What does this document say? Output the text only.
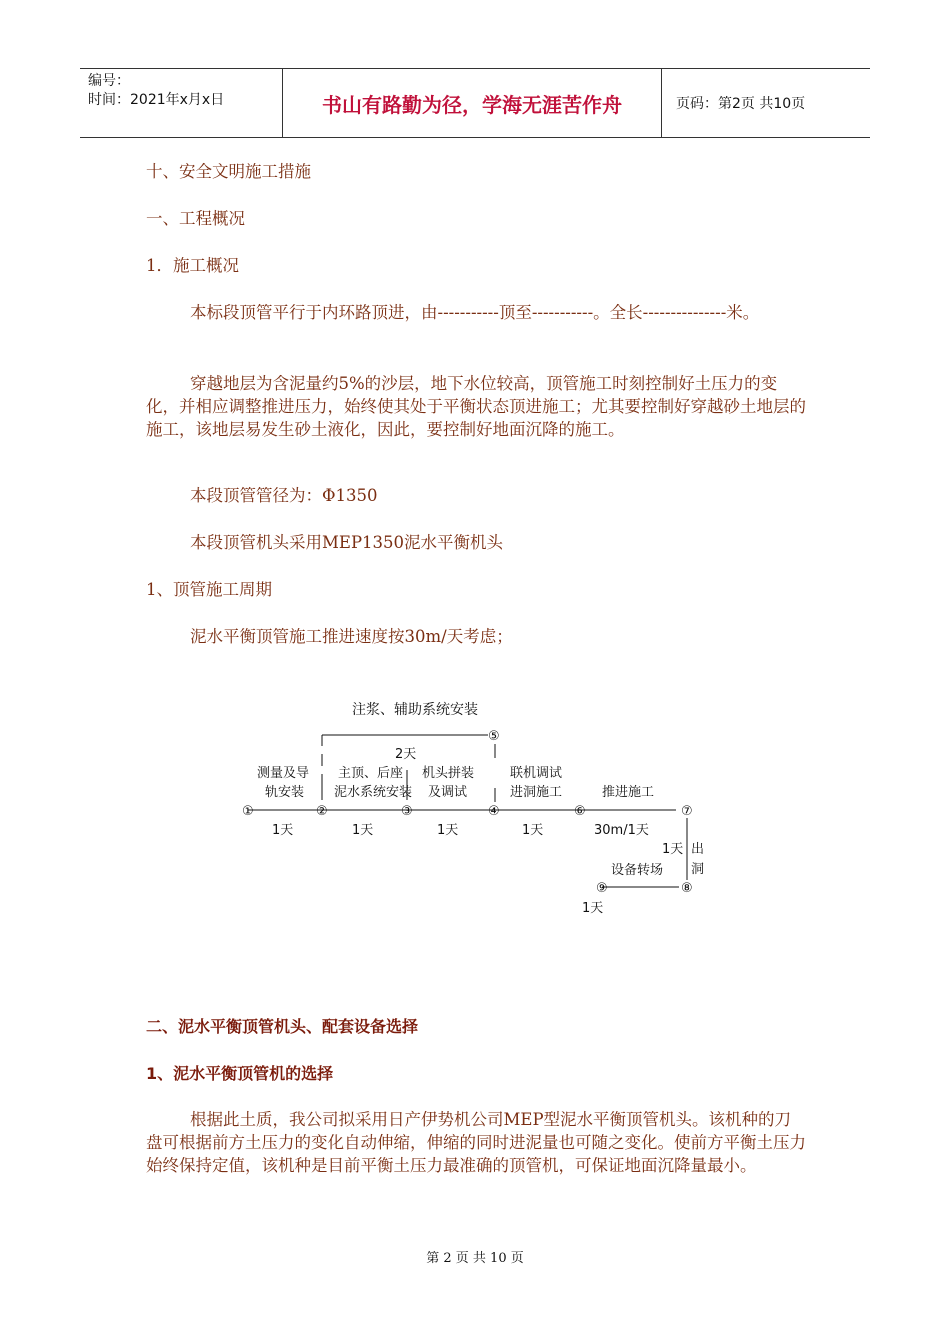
编号：
时间：2021年x月x日	书山有路勤为径，学海无涯苦作舟	页码：第2页 共10页

十、安全文明施工措施

一、工程概况

1．施工概况

本标段顶管平行于内环路顶进，由-----------顶至-----------。全长---------------米。

穿越地层为含泥量约5%的沙层，地下水位较高，顶管施工时刻控制好土压力的变化，并相应调整推进压力，始终使其处于平衡状态顶进施工；尤其要控制好穿越砂土地层的施工，该地层易发生砂土液化，因此，要控制好地面沉降的施工。

本段顶管管径为：Φ1350

本段顶管机头采用MEP1350泥水平衡机头

1、顶管施工周期

泥水平衡顶管施工推进速度按30m/天考虑；

①	②	③	④
⑤
⑥	⑦
⑧
⑨
注浆、辅助系统安装
2天
测量及导
轨安装
主顶、后座
泥水系统安装
机头拼装
及调试
联机调试
进洞施工	推进施工
1天	1天	1天	1天	30m/1天
1天 出
洞
设备转场
1天

二、泥水平衡顶管机头、配套设备选择

1、泥水平衡顶管机的选择

根据此土质，我公司拟采用日产伊势机公司MEP型泥水平衡顶管机头。该机种的刀盘可根据前方土压力的变化自动伸缩，伸缩的同时进泥量也可随之变化。使前方平衡土压力始终保持定值，该机种是目前平衡土压力最准确的顶管机，可保证地面沉降量最小。

第 2 页 共 10 页
